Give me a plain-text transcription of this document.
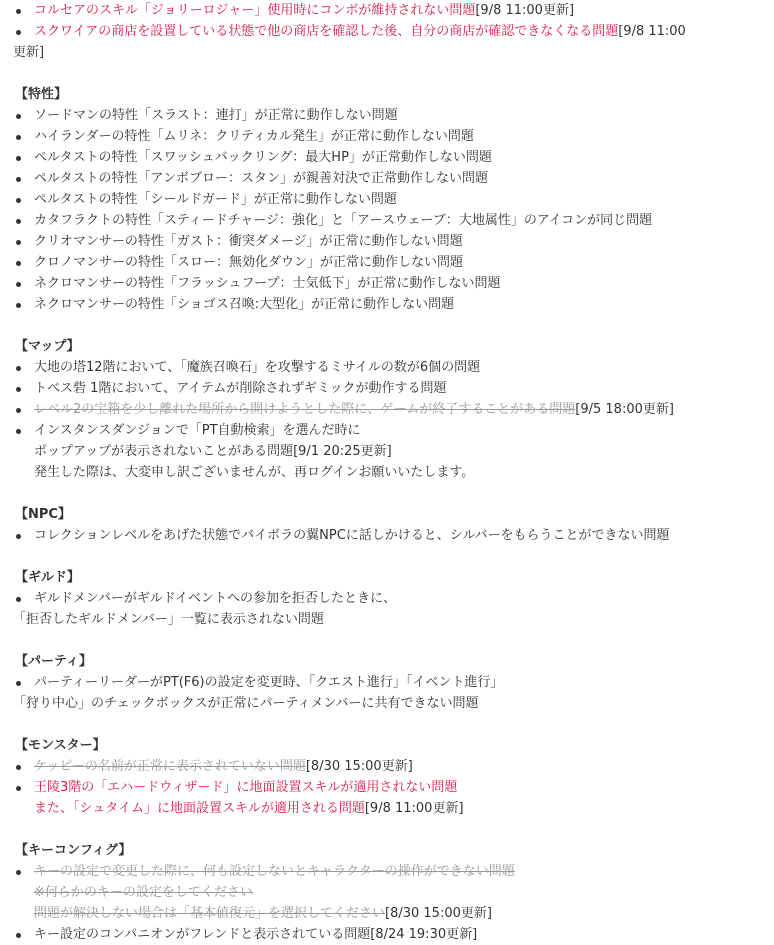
コルセアのスキル「ジョリーロジャー」使用時にコンボが維持されない問題[9/8 11:00更新]
スクワイアの商店を設置している状態で他の商店を確認した後、自分の商店が確認できなくなる問題[9/8 11:00
更新]
【特性】
ソードマンの特性「スラスト：連打」が正常に動作しない問題
ハイランダーの特性「ムリネ：クリティカル発生」が正常に動作しない問題
ペルタストの特性「スワッシュバックリング：最大HP」が正常動作しない問題
ペルタストの特性「アンボブロー：スタン」が親善対決で正常動作しない問題
ペルタストの特性「シールドガード」が正常に動作しない問題
カタフラクトの特性「スティードチャージ：強化」と「アースウェーブ：大地属性」のアイコンが同じ問題
クリオマンサーの特性「ガスト：衝突ダメージ」が正常に動作しない問題
クロノマンサーの特性「スロー：無効化ダウン」が正常に動作しない問題
ネクロマンサーの特性「フラッシュフープ：士気低下」が正常に動作しない問題
ネクロマンサーの特性「ショゴス召喚:大型化」が正常に動作しない問題
【マップ】
大地の塔12階において、「魔族召喚石」を攻撃するミサイルの数が6個の問題
トベス砦 1階において、アイテムが削除されずギミックが動作する問題
レベル2の宝箱を少し離れた場所から開けようとした際に、ゲームが終了することがある問題[9/5 18:00更新]
インスタンスダンジョンで「PT自動検索」を選んだ時に
ポップアップが表示されないことがある問題[9/1 20:25更新]
発生した際は、大変申し訳ございませんが、再ログインお願いいたします。
【NPC】
コレクションレベルをあげた状態でバイボラの翼NPCに話しかけると、シルバーをもらうことができない問題
【ギルド】
ギルドメンバーがギルドイベントへの参加を拒否したときに、
「拒否したギルドメンバー」一覧に表示されない問題
【パーティ】
パーティーリーダーがPT(F6)の設定を変更時、「クエスト進行」「イベント進行」
「狩り中心」のチェックボックスが正常にパーティメンバーに共有できない問題
【モンスター】
ケッピーの名前が正常に表示されていない問題[8/30 15:00更新]
王陵3階の「エハードウィザード」に地面設置スキルが適用されない問題
また、「シュタイム」に地面設置スキルが適用される問題[9/8 11:00更新]
【キーコンフィグ】
キーの設定で変更した際に、何も設定しないとキャラクターの操作ができない問題
※何らかのキーの設定をしてください
問題が解決しない場合は「基本値復元」を選択してください[8/30 15:00更新]
キー設定のコンパニオンがフレンドと表示されている問題[8/24 19:30更新]
